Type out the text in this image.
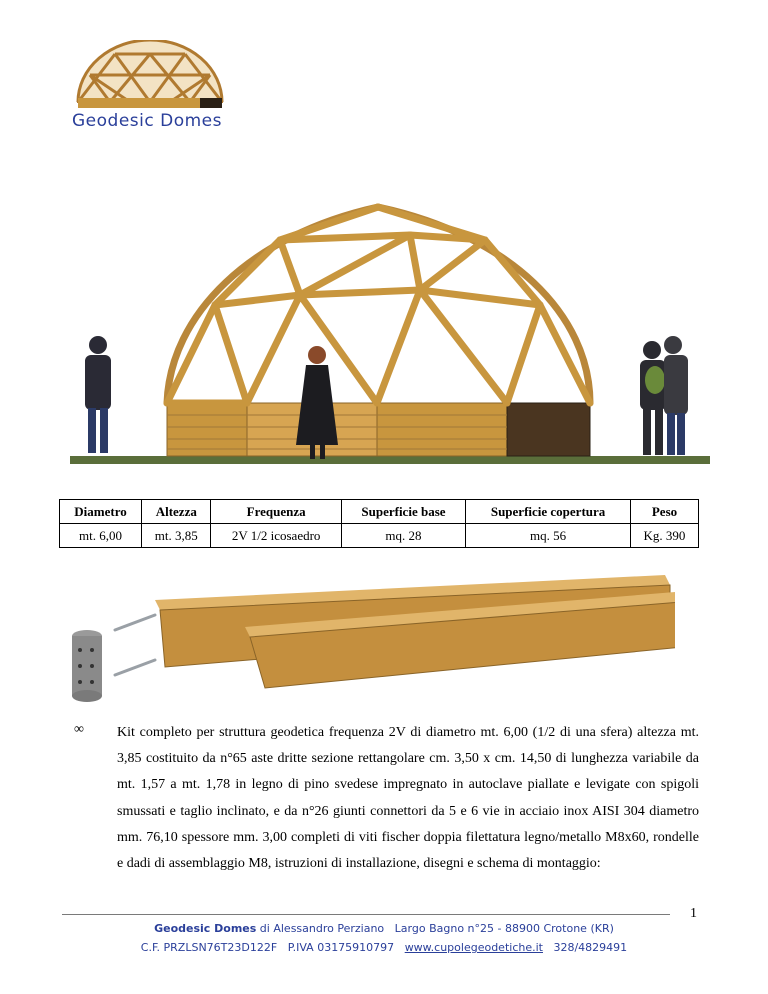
Geodesic Domes
Diametro	Altezza	Frequenza	Superficie base	Superficie copertura	Peso
mt. 6,00	mt. 3,85	2V 1/2 icosaedro	mq. 28	mq. 56	Kg. 390
∞ Kit completo per struttura geodetica frequenza 2V di diametro mt. 6,00 (1/2 di una sfera) altezza mt. 3,85 costituito da n°65 aste dritte sezione rettangolare cm. 3,50 x cm. 14,50 di lunghezza variabile da mt. 1,57 a mt. 1,78 in legno di pino svedese impregnato in autoclave piallate e levigate con spigoli smussati e taglio inclinato, e da n°26 giunti connettori da 5 e 6 vie in acciaio inox AISI 304 diametro mm. 76,10 spessore mm. 3,00 completi di viti fischer doppia filettatura legno/metallo M8x60, rondelle e dadi di assemblaggio M8, istruzioni di installazione, disegni e schema di montaggio:
1
Geodesic Domes di Alessandro Perziano Largo Bagno n°25 - 88900 Crotone (KR)
C.F. PRZLSN76T23D122F P.IVA 03175910797 www.cupolegeodetiche.it 328/4829491
